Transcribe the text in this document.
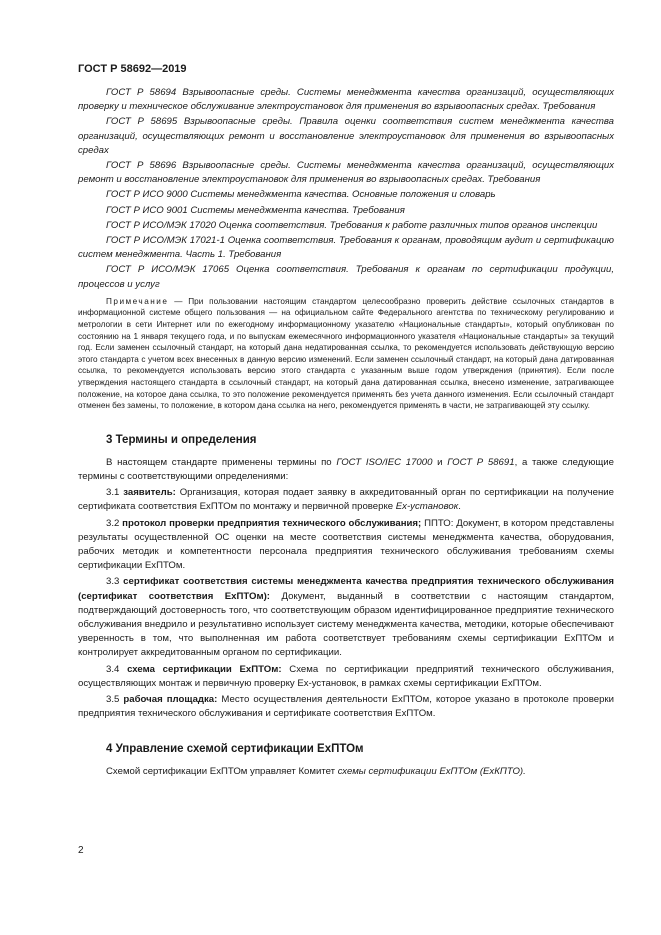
ГОСТ Р 58692—2019

ГОСТ Р 58694 Взрывоопасные среды. Системы менеджмента качества организаций, осуществляющих проверку и техническое обслуживание электроустановок для применения во взрывоопасных средах. Требования

ГОСТ Р 58695 Взрывоопасные среды. Правила оценки соответствия систем менеджмента качества организаций, осуществляющих ремонт и восстановление электроустановок для применения во взрывоопасных средах

ГОСТ Р 58696 Взрывоопасные среды. Системы менеджмента качества организаций, осуществляющих ремонт и восстановление электроустановок для применения во взрывоопасных средах. Требования

ГОСТ Р ИСО 9000 Системы менеджмента качества. Основные положения и словарь

ГОСТ Р ИСО 9001 Системы менеджмента качества. Требования

ГОСТ Р ИСО/МЭК 17020 Оценка соответствия. Требования к работе различных типов органов инспекции

ГОСТ Р ИСО/МЭК 17021-1 Оценка соответствия. Требования к органам, проводящим аудит и сертификацию систем менеджмента. Часть 1. Требования

ГОСТ Р ИСО/МЭК 17065 Оценка соответствия. Требования к органам по сертификации продукции, процессов и услуг

Примечание — При пользовании настоящим стандартом целесообразно проверить действие ссылочных стандартов в информационной системе общего пользования — на официальном сайте Федерального агентства по техническому регулированию и метрологии в сети Интернет или по ежегодному информационному указателю «Национальные стандарты», который опубликован по состоянию на 1 января текущего года, и по выпускам ежемесячного информационного указателя «Национальные стандарты» за текущий год. Если заменен ссылочный стандарт, на который дана недатированная ссылка, то рекомендуется использовать действующую версию этого стандарта с учетом всех внесенных в данную версию изменений. Если заменен ссылочный стандарт, на который дана датированная ссылка, то рекомендуется использовать версию этого стандарта с указанным выше годом утверждения (принятия). Если после утверждения настоящего стандарта в ссылочный стандарт, на который дана датированная ссылка, внесено изменение, затрагивающее положение, на которое дана ссылка, то это положение рекомендуется применять без учета данного изменения. Если ссылочный стандарт отменен без замены, то положение, в котором дана ссылка на него, рекомендуется применять в части, не затрагивающей эту ссылку.

3 Термины и определения

В настоящем стандарте применены термины по ГОСТ ISO/IEC 17000 и ГОСТ Р 58691, а также следующие термины с соответствующими определениями:

3.1 заявитель: Организация, которая подает заявку в аккредитованный орган по сертификации на получение сертификата соответствия ExПТОм по монтажу и первичной проверке Ex-установок.

3.2 протокол проверки предприятия технического обслуживания; ППТО: Документ, в котором представлены результаты осуществленной ОС оценки на месте соответствия системы менеджмента качества, оборудования, рабочих методик и компетентности персонала предприятия технического обслуживания требованиям схемы сертификации ExПТОм.

3.3 сертификат соответствия системы менеджмента качества предприятия технического обслуживания (сертификат соответствия ExПТОм): Документ, выданный в соответствии с настоящим стандартом, подтверждающий достоверность того, что соответствующим образом идентифицированное предприятие технического обслуживания внедрило и результативно использует систему менеджмента качества, методики, которые обеспечивают уверенность в том, что выполненная им работа соответствует требованиям схемы сертификации ExПТОм и контролирует аккредитованным органом по сертификации.

3.4 схема сертификации ExПТОм: Схема по сертификации предприятий технического обслуживания, осуществляющих монтаж и первичную проверку Ex-установок, в рамках схемы сертификации ExПТОм.

3.5 рабочая площадка: Место осуществления деятельности ExПТОм, которое указано в протоколе проверки предприятия технического обслуживания и сертификате соответствия ExПТОм.

4 Управление схемой сертификации ExПТОм

Схемой сертификации ExПТОм управляет Комитет схемы сертификации ExПТОм (ExКПТО).

2
